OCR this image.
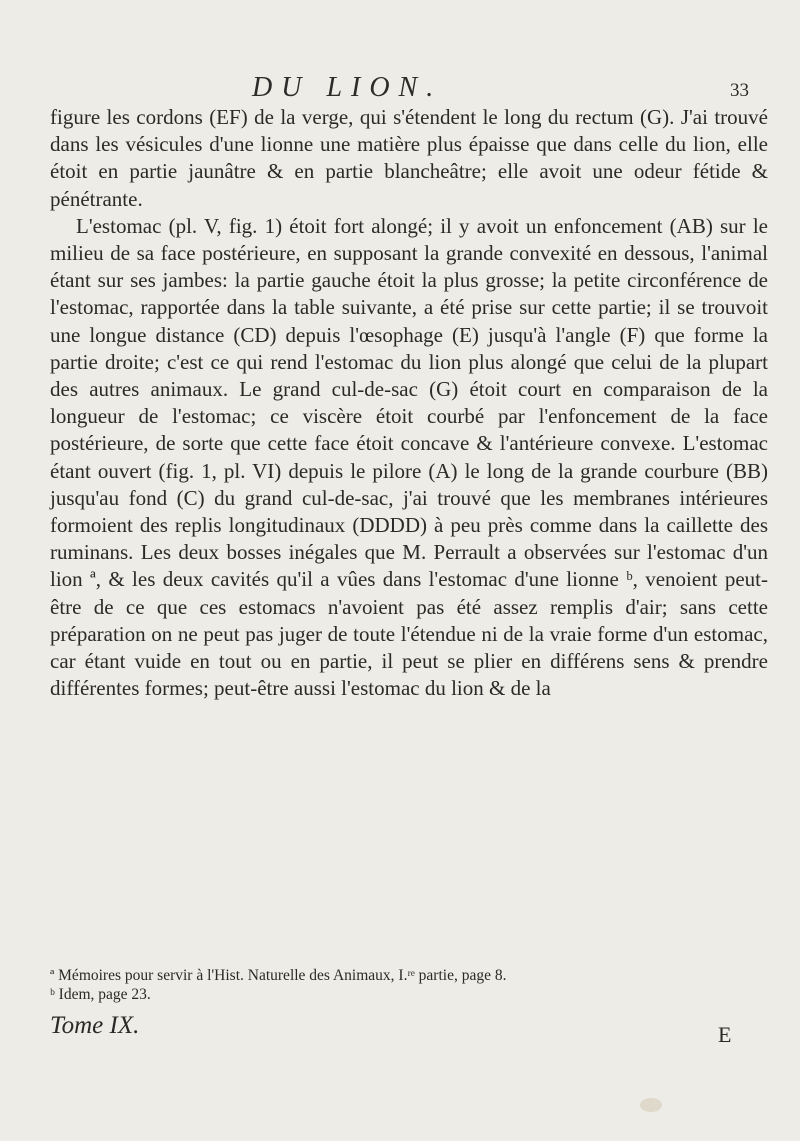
DU LION.	33

figure les cordons (EF) de la verge, qui s'étendent le long du rectum (G). J'ai trouvé dans les vésicules d'une lionne une matière plus épaisse que dans celle du lion, elle étoit en partie jaunâtre & en partie blancheâtre; elle avoit une odeur fétide & pénétrante.

L'estomac (pl. V, fig. 1) étoit fort alongé; il y avoit un enfoncement (AB) sur le milieu de sa face postérieure, en supposant la grande convexité en dessous, l'animal étant sur ses jambes: la partie gauche étoit la plus grosse; la petite circonférence de l'estomac, rapportée dans la table suivante, a été prise sur cette partie; il se trouvoit une longue distance (CD) depuis l'œsophage (E) jusqu'à l'angle (F) que forme la partie droite; c'est ce qui rend l'estomac du lion plus alongé que celui de la plupart des autres animaux. Le grand cul-de-sac (G) étoit court en comparaison de la longueur de l'estomac; ce viscère étoit courbé par l'enfoncement de la face postérieure, de sorte que cette face étoit concave & l'antérieure convexe. L'estomac étant ouvert (fig. 1, pl. VI) depuis le pilore (A) le long de la grande courbure (BB) jusqu'au fond (C) du grand cul-de-sac, j'ai trouvé que les membranes intérieures formoient des replis longitudinaux (DDDD) à peu près comme dans la caillette des ruminans. Les deux bosses inégales que M. Perrault a observées sur l'estomac d'un lion ª, & les deux cavités qu'il a vûes dans l'estomac d'une lionne ᵇ, venoient peut-être de ce que ces estomacs n'avoient pas été assez remplis d'air; sans cette préparation on ne peut pas juger de toute l'étendue ni de la vraie forme d'un estomac, car étant vuide en tout ou en partie, il peut se plier en différens sens & prendre différentes formes; peut-être aussi l'estomac du lion & de la

ª Mémoires pour servir à l'Hist. Naturelle des Animaux, I.ʳᵉ partie, page 8.
ᵇ Idem, page 23.
Tome IX.	E
